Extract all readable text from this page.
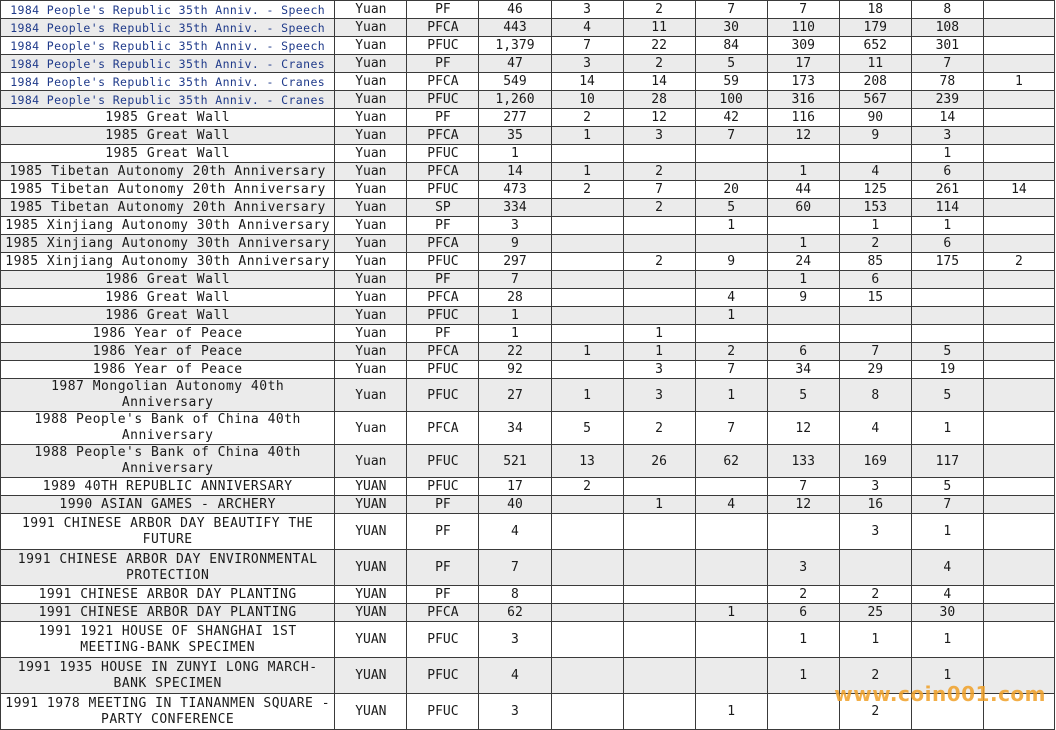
1984 People's Republic 35th Anniv. - Speech	Yuan	PF	46	3	2	7	7	18	8	
1984 People's Republic 35th Anniv. - Speech	Yuan	PFCA	443	4	11	30	110	179	108	
1984 People's Republic 35th Anniv. - Speech	Yuan	PFUC	1,379	7	22	84	309	652	301	
1984 People's Republic 35th Anniv. - Cranes	Yuan	PF	47	3	2	5	17	11	7	
1984 People's Republic 35th Anniv. - Cranes	Yuan	PFCA	549	14	14	59	173	208	78	1
1984 People's Republic 35th Anniv. - Cranes	Yuan	PFUC	1,260	10	28	100	316	567	239	
1985 Great Wall	Yuan	PF	277	2	12	42	116	90	14	
1985 Great Wall	Yuan	PFCA	35	1	3	7	12	9	3	
1985 Great Wall	Yuan	PFUC	1						1	
1985 Tibetan Autonomy 20th Anniversary	Yuan	PFCA	14	1	2		1	4	6	
1985 Tibetan Autonomy 20th Anniversary	Yuan	PFUC	473	2	7	20	44	125	261	14
1985 Tibetan Autonomy 20th Anniversary	Yuan	SP	334		2	5	60	153	114	
1985 Xinjiang Autonomy 30th Anniversary	Yuan	PF	3			1		1	1	
1985 Xinjiang Autonomy 30th Anniversary	Yuan	PFCA	9				1	2	6	
1985 Xinjiang Autonomy 30th Anniversary	Yuan	PFUC	297		2	9	24	85	175	2
1986 Great Wall	Yuan	PF	7				1	6		
1986 Great Wall	Yuan	PFCA	28			4	9	15		
1986 Great Wall	Yuan	PFUC	1			1				
1986 Year of Peace	Yuan	PF	1		1					
1986 Year of Peace	Yuan	PFCA	22	1	1	2	6	7	5	
1986 Year of Peace	Yuan	PFUC	92		3	7	34	29	19	
1987 Mongolian Autonomy 40th Anniversary	Yuan	PFUC	27	1	3	1	5	8	5	
1988 People's Bank of China 40th Anniversary	Yuan	PFCA	34	5	2	7	12	4	1	
1988 People's Bank of China 40th Anniversary	Yuan	PFUC	521	13	26	62	133	169	117	
1989 40TH REPUBLIC ANNIVERSARY	YUAN	PFUC	17	2			7	3	5	
1990 ASIAN GAMES - ARCHERY	YUAN	PF	40		1	4	12	16	7	
1991 CHINESE ARBOR DAY BEAUTIFY THE FUTURE	YUAN	PF	4					3	1	
1991 CHINESE ARBOR DAY ENVIRONMENTAL PROTECTION	YUAN	PF	7				3		4	
1991 CHINESE ARBOR DAY PLANTING	YUAN	PF	8				2	2	4	
1991 CHINESE ARBOR DAY PLANTING	YUAN	PFCA	62			1	6	25	30	
1991 1921 HOUSE OF SHANGHAI 1ST MEETING-BANK SPECIMEN	YUAN	PFUC	3				1	1	1	
1991 1935 HOUSE IN ZUNYI LONG MARCH-BANK SPECIMEN	YUAN	PFUC	4				1	2	1	
1991 1978 MEETING IN TIANANMEN SQUARE - PARTY CONFERENCE	YUAN	PFUC	3			1		2		
www.coin001.com
